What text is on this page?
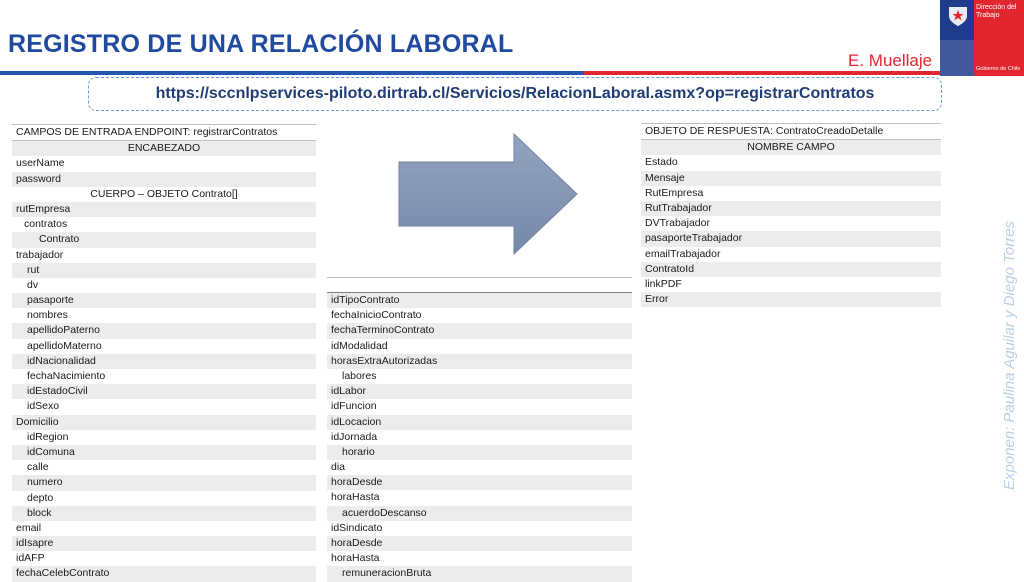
REGISTRO DE UNA RELACIÓN LABORAL
E. Muellaje
Dirección del Trabajo
Gobierno de Chile
https://sccnlpservices-piloto.dirtrab.cl/Servicios/RelacionLaboral.asmx?op=registrarContratos
Exponen: Paulina Aguilar y Diego Torres
CAMPOS DE ENTRADA ENDPOINT: registrarContratos
ENCABEZADO
userName
password
CUERPO – OBJETO Contrato[]
rutEmpresa
contratos
Contrato
trabajador
rut
dv
pasaporte
nombres
apellidoPaterno
apellidoMaterno
idNacionalidad
fechaNacimiento
idEstadoCivil
idSexo
Domicilio
idRegion
idComuna
calle
numero
depto
block
email
idIsapre
idAFP
fechaCelebContrato
idTipoContrato
fechaInicioContrato
fechaTerminoContrato
idModalidad
horasExtraAutorizadas
labores
idLabor
idFuncion
idLocacion
idJornada
horario
dia
horaDesde
horaHasta
acuerdoDescanso
idSindicato
horaDesde
horaHasta
remuneracionBruta
OBJETO DE RESPUESTA: ContratoCreadoDetalle
NOMBRE CAMPO
Estado
Mensaje
RutEmpresa
RutTrabajador
DVTrabajador
pasaporteTrabajador
emailTrabajador
ContratoId
linkPDF
Error
